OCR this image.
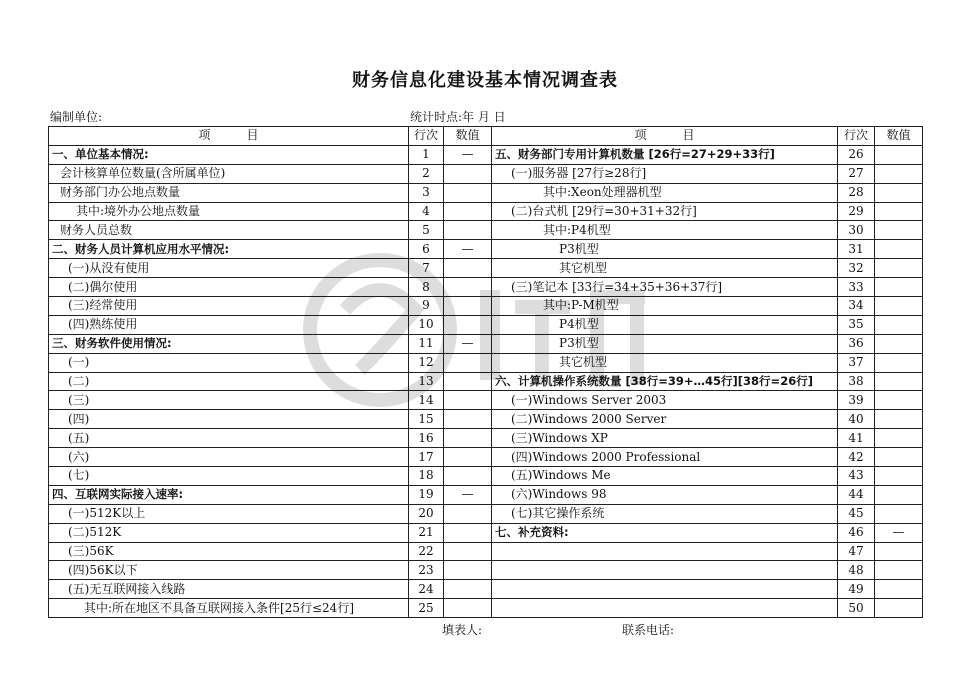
财务信息化建设基本情况调查表
编制单位:	统计时点:年 月 日
项　　　目	行次	数值	项　　　目	行次	数值
一、单位基本情况:	1	—	五、财务部门专用计算机数量 [26行=27+29+33行]	26	
会计核算单位数量(含所属单位)	2		(一)服务器 [27行≥28行]	27	
财务部门办公地点数量	3		其中:Xeon处理器机型	28	
其中:境外办公地点数量	4		(二)台式机 [29行=30+31+32行]	29	
财务人员总数	5		其中:P4机型	30	
二、财务人员计算机应用水平情况:	6	—	P3机型	31	
(一)从没有使用	7		其它机型	32	
(二)偶尔使用	8		(三)笔记本 [33行=34+35+36+37行]	33	
(三)经常使用	9		其中:P-M机型	34	
(四)熟练使用	10		P4机型	35	
三、财务软件使用情况:	11	—	P3机型	36	
(一)	12		其它机型	37	
(二)	13		六、计算机操作系统数量 [38行=39+…45行][38行=26行]	38	
(三)	14		(一)Windows Server 2003	39	
(四)	15		(二)Windows 2000 Server	40	
(五)	16		(三)Windows XP	41	
(六)	17		(四)Windows 2000 Professional	42	
(七)	18		(五)Windows Me	43	
四、互联网实际接入速率:	19	—	(六)Windows 98	44	
(一)512K以上	20		(七)其它操作系统	45	
(二)512K	21		七、补充资料:	46	—
(三)56K	22			47	
(四)56K以下	23			48	
(五)无互联网接入线路	24			49	
其中:所在地区不具备互联网接入条件[25行≤24行]	25			50	
填表人:	联系电话:
